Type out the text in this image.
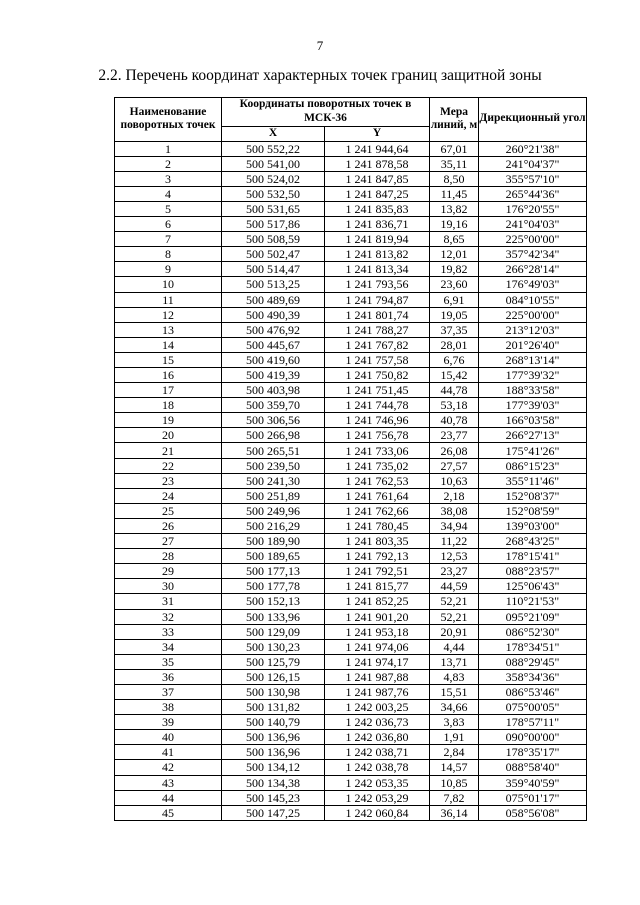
7
2.2. Перечень координат характерных точек границ защитной зоны
Наименование поворотных точек	Координаты поворотных точек в МСК-36		Мера линий, м	Дирекционный угол
	X	Y		
1	500 552,22	1 241 944,64	67,01	260°21'38"
2	500 541,00	1 241 878,58	35,11	241°04'37"
3	500 524,02	1 241 847,85	8,50	355°57'10"
4	500 532,50	1 241 847,25	11,45	265°44'36"
5	500 531,65	1 241 835,83	13,82	176°20'55"
6	500 517,86	1 241 836,71	19,16	241°04'03"
7	500 508,59	1 241 819,94	8,65	225°00'00"
8	500 502,47	1 241 813,82	12,01	357°42'34"
9	500 514,47	1 241 813,34	19,82	266°28'14"
10	500 513,25	1 241 793,56	23,60	176°49'03"
11	500 489,69	1 241 794,87	6,91	084°10'55"
12	500 490,39	1 241 801,74	19,05	225°00'00"
13	500 476,92	1 241 788,27	37,35	213°12'03"
14	500 445,67	1 241 767,82	28,01	201°26'40"
15	500 419,60	1 241 757,58	6,76	268°13'14"
16	500 419,39	1 241 750,82	15,42	177°39'32"
17	500 403,98	1 241 751,45	44,78	188°33'58"
18	500 359,70	1 241 744,78	53,18	177°39'03"
19	500 306,56	1 241 746,96	40,78	166°03'58"
20	500 266,98	1 241 756,78	23,77	266°27'13"
21	500 265,51	1 241 733,06	26,08	175°41'26"
22	500 239,50	1 241 735,02	27,57	086°15'23"
23	500 241,30	1 241 762,53	10,63	355°11'46"
24	500 251,89	1 241 761,64	2,18	152°08'37"
25	500 249,96	1 241 762,66	38,08	152°08'59"
26	500 216,29	1 241 780,45	34,94	139°03'00"
27	500 189,90	1 241 803,35	11,22	268°43'25"
28	500 189,65	1 241 792,13	12,53	178°15'41"
29	500 177,13	1 241 792,51	23,27	088°23'57"
30	500 177,78	1 241 815,77	44,59	125°06'43"
31	500 152,13	1 241 852,25	52,21	110°21'53"
32	500 133,96	1 241 901,20	52,21	095°21'09"
33	500 129,09	1 241 953,18	20,91	086°52'30"
34	500 130,23	1 241 974,06	4,44	178°34'51"
35	500 125,79	1 241 974,17	13,71	088°29'45"
36	500 126,15	1 241 987,88	4,83	358°34'36"
37	500 130,98	1 241 987,76	15,51	086°53'46"
38	500 131,82	1 242 003,25	34,66	075°00'05"
39	500 140,79	1 242 036,73	3,83	178°57'11"
40	500 136,96	1 242 036,80	1,91	090°00'00"
41	500 136,96	1 242 038,71	2,84	178°35'17"
42	500 134,12	1 242 038,78	14,57	088°58'40"
43	500 134,38	1 242 053,35	10,85	359°40'59"
44	500 145,23	1 242 053,29	7,82	075°01'17"
45	500 147,25	1 242 060,84	36,14	058°56'08"
